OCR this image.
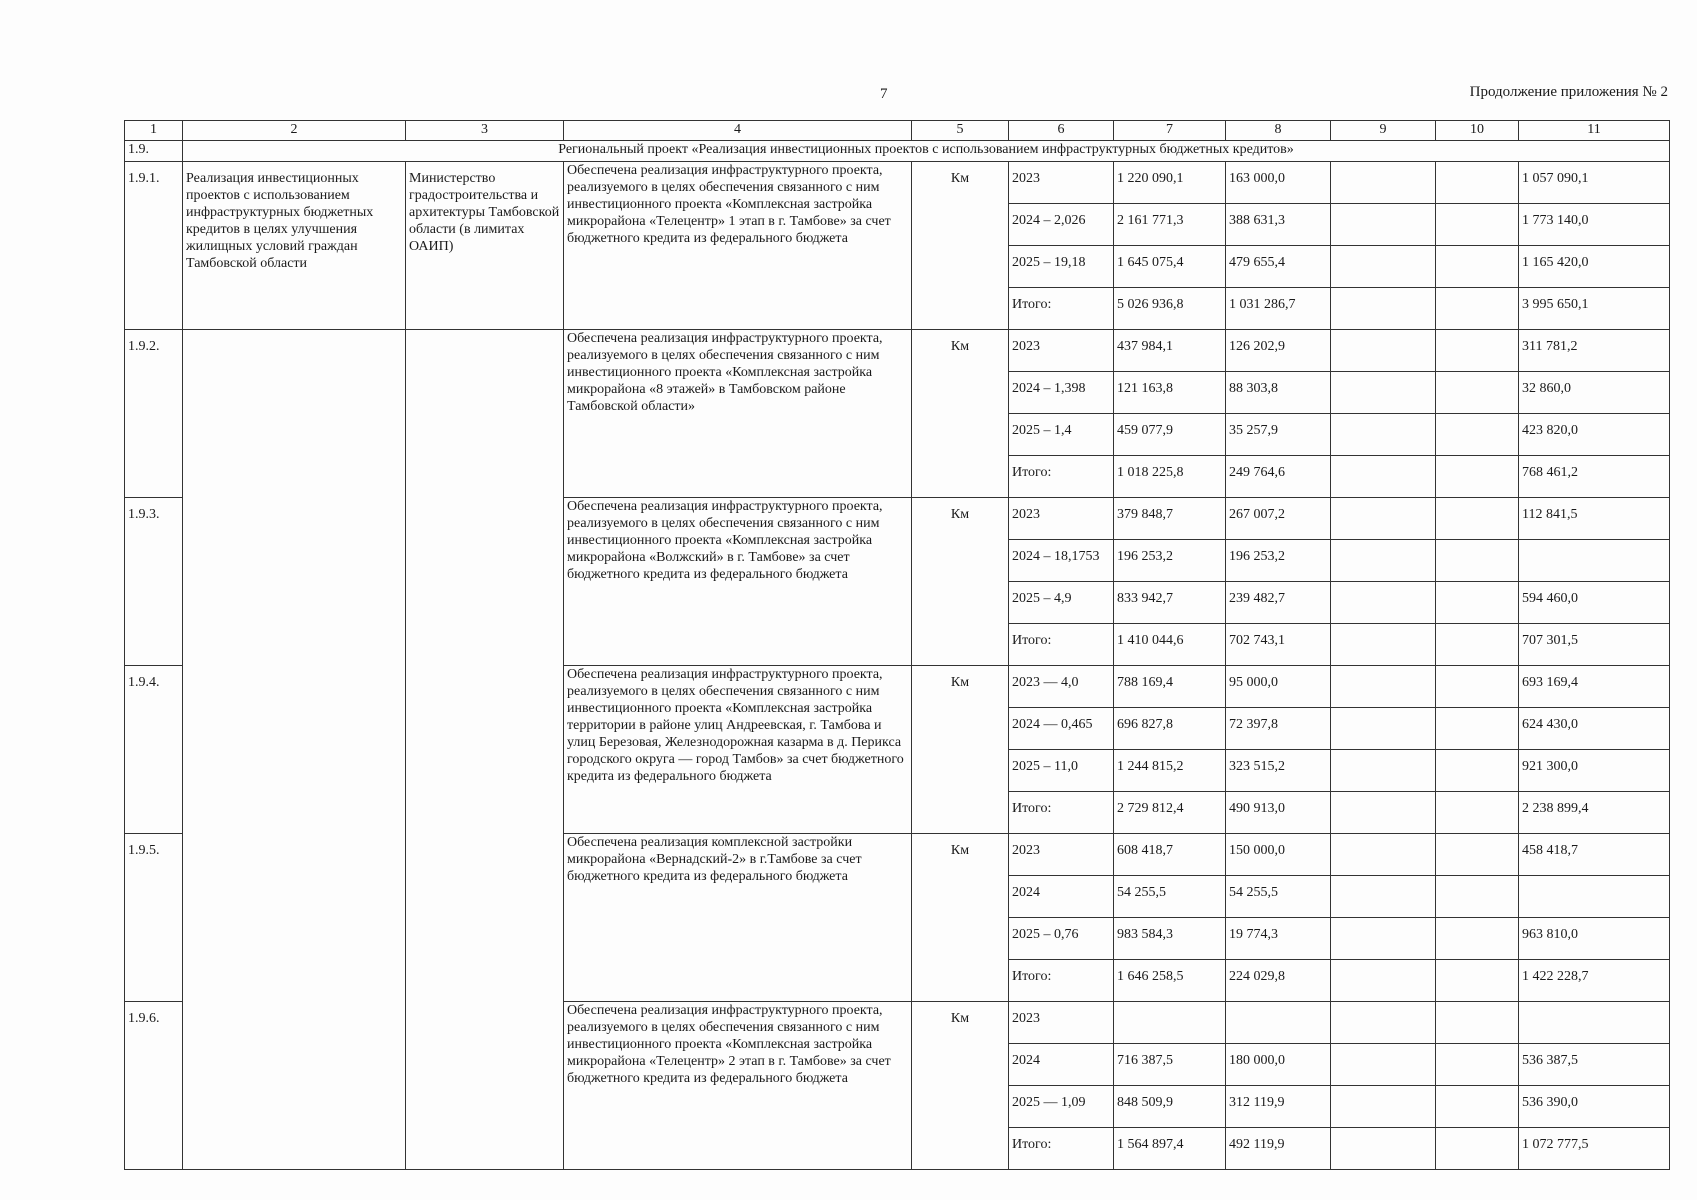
7	Продолжение приложения № 2
1	2	3	4	5	6	7	8	9	10	11
1.9.	Региональный проект «Реализация инвестиционных проектов с использованием инфраструктурных бюджетных кредитов»									
1.9.1.	Реализация инвестиционных проектов с использованием инфраструктурных бюджетных кредитов в целях улучшения жилищных условий граждан Тамбовской области	Министерство градостроительства и архитектуры Тамбовской области (в лимитах ОАИП)	Обеспечена реализация инфраструктурного проекта, реализуемого в целях обеспечения связанного с ним инвестиционного проекта «Комплексная застройка микрорайона «Телецентр» 1 этап в г. Тамбове» за счет бюджетного кредита из федерального бюджета	Км	2023	1 220 090,1	163 000,0			1 057 090,1
					2024 – 2,026	2 161 771,3	388 631,3			1 773 140,0
					2025 – 19,18	1 645 075,4	479 655,4			1 165 420,0
					Итого:	5 026 936,8	1 031 286,7			3 995 650,1
1.9.2.			Обеспечена реализация инфраструктурного проекта, реализуемого в целях обеспечения связанного с ним инвестиционного проекта «Комплексная застройка микрорайона «8 этажей» в Тамбовском районе Тамбовской области»	Км	2023	437 984,1	126 202,9			311 781,2
					2024 – 1,398	121 163,8	88 303,8			32 860,0
					2025 – 1,4	459 077,9	35 257,9			423 820,0
					Итого:	1 018 225,8	249 764,6			768 461,2
1.9.3.			Обеспечена реализация инфраструктурного проекта, реализуемого в целях обеспечения связанного с ним инвестиционного проекта «Комплексная застройка микрорайона «Волжский» в г. Тамбове» за счет бюджетного кредита из федерального бюджета	Км	2023	379 848,7	267 007,2			112 841,5
					2024 – 18,1753	196 253,2	196 253,2			
					2025 – 4,9	833 942,7	239 482,7			594 460,0
					Итого:	1 410 044,6	702 743,1			707 301,5
1.9.4.			Обеспечена реализация инфраструктурного проекта, реализуемого в целях обеспечения связанного с ним инвестиционного проекта «Комплексная застройка территории в районе улиц Андреевская, г. Тамбова и улиц Березовая, Железнодорожная казарма в д. Перикса городского округа — город Тамбов» за счет бюджетного кредита из федерального бюджета	Км	2023 — 4,0	788 169,4	95 000,0			693 169,4
					2024 — 0,465	696 827,8	72 397,8			624 430,0
					2025 – 11,0	1 244 815,2	323 515,2			921 300,0
					Итого:	2 729 812,4	490 913,0			2 238 899,4
1.9.5.			Обеспечена реализация комплексной застройки микрорайона «Вернадский-2» в г.Тамбове за счет бюджетного кредита из федерального бюджета	Км	2023	608 418,7	150 000,0			458 418,7
					2024	54 255,5	54 255,5			
					2025 – 0,76	983 584,3	19 774,3			963 810,0
					Итого:	1 646 258,5	224 029,8			1 422 228,7
1.9.6.			Обеспечена реализация инфраструктурного проекта, реализуемого в целях обеспечения связанного с ним инвестиционного проекта «Комплексная застройка микрорайона «Телецентр» 2 этап в г. Тамбове» за счет бюджетного кредита из федерального бюджета	Км	2023					
					2024	716 387,5	180 000,0			536 387,5
					2025 — 1,09	848 509,9	312 119,9			536 390,0
					Итого:	1 564 897,4	492 119,9			1 072 777,5
